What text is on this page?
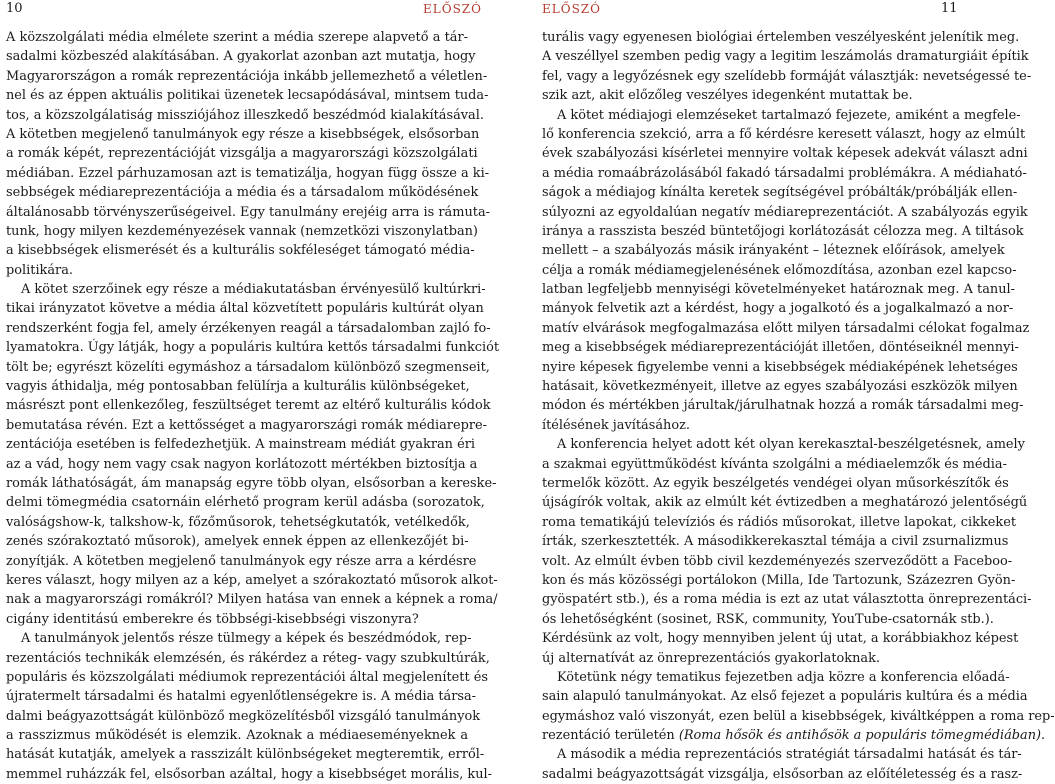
10	ELŐSZÓ
A közszolgálati média elmélete szerint a média szerepe alapvető a tár-
sadalmi közbeszéd alakításában. A gyakorlat azonban azt mutatja, hogy
Magyarországon a romák reprezentációja inkább jellemezhető a véletlen-
nel és az éppen aktuális politikai üzenetek lecsapódásával, mintsem tuda-
tos, a közszolgálatiság missziójához illeszkedő beszédmód kialakításával.
A kötetben megjelenő tanulmányok egy része a kisebbségek, elsősorban
a romák képét, reprezentációját vizsgálja a magyarországi közszolgálati
médiában. Ezzel párhuzamosan azt is tematizálja, hogyan függ össze a ki-
sebbségek médiareprezentációja a média és a társadalom működésének
általánosabb törvényszerűségeivel. Egy tanulmány erejéig arra is rámuta-
tunk, hogy milyen kezdeményezések vannak (nemzetközi viszonylatban)
a kisebbségek elismerését és a kulturális sokféleséget támogató média-
politikára.
A kötet szerzőinek egy része a médiakutatásban érvényesülő kultúrkri-
tikai irányzatot követve a média által közvetített populáris kultúrát olyan
rendszerként fogja fel, amely érzékenyen reagál a társadalomban zajló fo-
lyamatokra. Úgy látják, hogy a populáris kultúra kettős társadalmi funkciót
tölt be; egyrészt közelíti egymáshoz a társadalom különböző szegmenseit,
vagyis áthidalja, még pontosabban felülírja a kulturális különbségeket,
másrészt pont ellenkezőleg, feszültséget teremt az eltérő kulturális kódok
bemutatása révén. Ezt a kettősséget a magyarországi romák médiarepre-
zentációja esetében is felfedezhetjük. A mainstream médiát gyakran éri
az a vád, hogy nem vagy csak nagyon korlátozott mértékben biztosítja a
romák láthatóságát, ám manapság egyre több olyan, elsősorban a kereske-
delmi tömegmédia csatornáin elérhető program kerül adásba (sorozatok,
valóságshow-k, talkshow-k, főzőműsorok, tehetségkutatók, vetélkedők,
zenés szórakoztató műsorok), amelyek ennek éppen az ellenkezőjét bi-
zonyítják. A kötetben megjelenő tanulmányok egy része arra a kérdésre
keres választ, hogy milyen az a kép, amelyet a szórakoztató műsorok alkot-
nak a magyarországi romákról? Milyen hatása van ennek a képnek a roma/
cigány identitású emberekre és többségi-kisebbségi viszonyra?
A tanulmányok jelentős része tülmegy a képek és beszédmódok, rep-
rezentációs technikák elemzésén, és rákérdez a réteg- vagy szubkultúrák,
populáris és közszolgálati médiumok reprezentációi által megjelenített és
újratermelt társadalmi és hatalmi egyenlőtlenségekre is. A média társa-
dalmi beágyazottságát különböző megközelítésből vizsgáló tanulmányok
a rasszizmus működését is elemzik. Azoknak a médiaeseményeknek a
hatását kutatják, amelyek a rasszizált különbségeket megteremtik, erről-
memmel ruházzák fel, elsősorban azáltal, hogy a kisebbséget morális, kul-
ELŐSZÓ	11
turális vagy egyenesen biológiai értelemben veszélyesként jelenítik meg.
A veszéllyel szemben pedig vagy a legitim leszámolás dramaturgiáit építik
fel, vagy a legyőzésnek egy szelídebb formáját választják: nevetségessé te-
szik azt, akit előzőleg veszélyes idegenként mutattak be.
A kötet médiajogi elemzéseket tartalmazó fejezete, amiként a megfele-
lő konferencia szekció, arra a fő kérdésre keresett választ, hogy az elmúlt
évek szabályozási kísérletei mennyire voltak képesek adekvát választ adni
a média romaábrázolásából fakadó társadalmi problémákra. A médiaható-
ságok a médiajog kínálta keretek segítségével próbálták/próbálják ellen-
súlyozni az egyoldalúan negatív médiareprezentációt. A szabályozás egyik
iránya a rasszista beszéd büntetőjogi korlátozását célozza meg. A tiltások
mellett – a szabályozás másik irányaként – léteznek előírások, amelyek
célja a romák médiamegjelenésének előmozdítása, azonban ezel kapcso-
latban legfeljebb mennyiségi követelményeket határoznak meg. A tanul-
mányok felvetik azt a kérdést, hogy a jogalkotó és a jogalkalmazó a nor-
matív elvárások megfogalmazása előtt milyen társadalmi célokat fogalmaz
meg a kisebbségek médiareprezentációját illetően, döntéseiknél mennyi-
nyire képesek figyelembe venni a kisebbségek médiaképének lehetséges
hatásait, következményeit, illetve az egyes szabályozási eszközök milyen
módon és mértékben járultak/járulhatnak hozzá a romák társadalmi meg-
ítélésének javításához.
A konferencia helyet adott két olyan kerekasztal-beszélgetésnek, amely
a szakmai együttműködést kívánta szolgálni a médiaelemzők és média-
termelők között. Az egyik beszélgetés vendégei olyan műsorkészítők és
újságírók voltak, akik az elmúlt két évtizedben a meghatározó jelentőségű
roma tematikájú televíziós és rádiós műsorokat, illetve lapokat, cikkeket
írták, szerkesztették. A másodikkerekasztal témája a civil zsurnalizmus
volt. Az elmúlt évben több civil kezdeményezés szerveződött a Faceboo-
kon és más közösségi portálokon (Milla, Ide Tartozunk, Százezren Gyön-
gyöspatért stb.), és a roma média is ezt az utat választotta önreprezentáci-
ós lehetőségként (sosinet, RSK, community, YouTube-csatornák stb.).
Kérdésünk az volt, hogy mennyiben jelent új utat, a korábbiakhoz képest
új alternatívát az önreprezentációs gyakorlatoknak.
Kötetünk négy tematikus fejezetben adja közre a konferencia előadá-
sain alapuló tanulmányokat. Az első fejezet a populáris kultúra és a média
egymáshoz való viszonyát, ezen belül a kisebbségek, kiváltképpen a roma rep-
rezentáció területén (Roma hősök és antihősök a populáris tömegmédiában).
A második a média reprezentációs stratégiát társadalmi hatását és tár-
sadalmi beágyazottságát vizsgálja, elsősorban az előítéletesség és a rasz-
